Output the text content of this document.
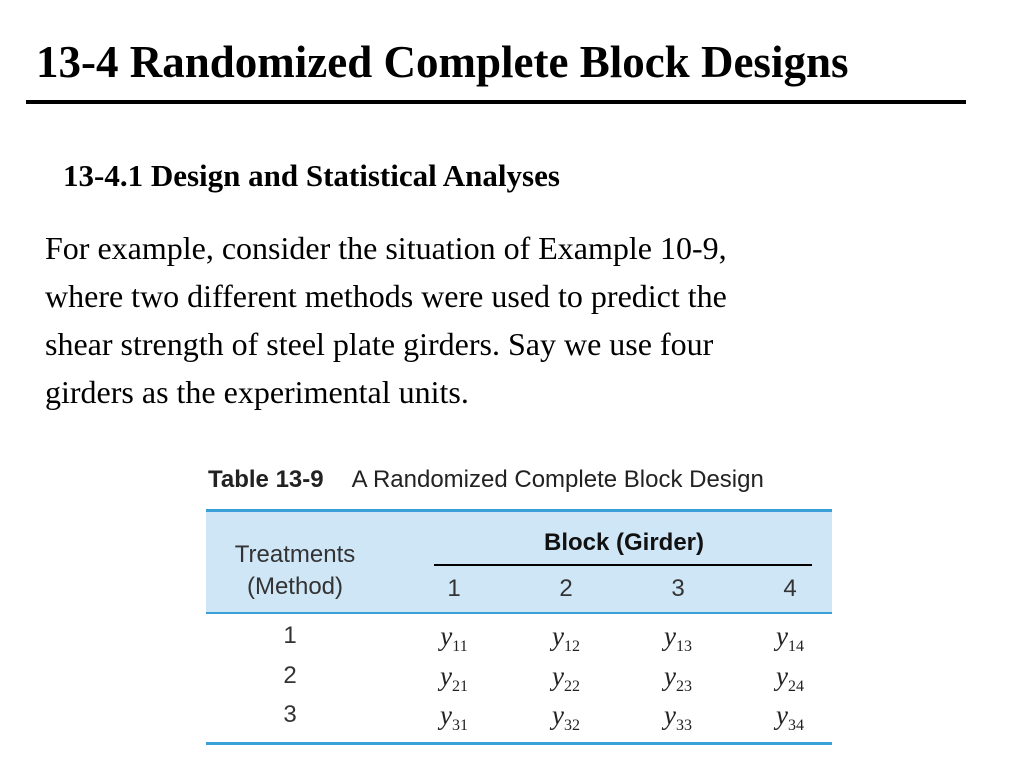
13-4 Randomized Complete Block Designs
13-4.1 Design and Statistical Analyses
For example, consider the situation of Example 10-9,
where two different methods were used to predict the
shear strength of steel plate girders. Say we use four
girders as the experimental units.
Table 13-9 A Randomized Complete Block Design
Treatments
(Method)
Block (Girder)
1	2	3	4
1	$y_{11}$	$y_{12}$	$y_{13}$	$y_{14}$
2	$y_{21}$	$y_{22}$	$y_{23}$	$y_{24}$
3	$y_{31}$	$y_{32}$	$y_{33}$	$y_{34}$
